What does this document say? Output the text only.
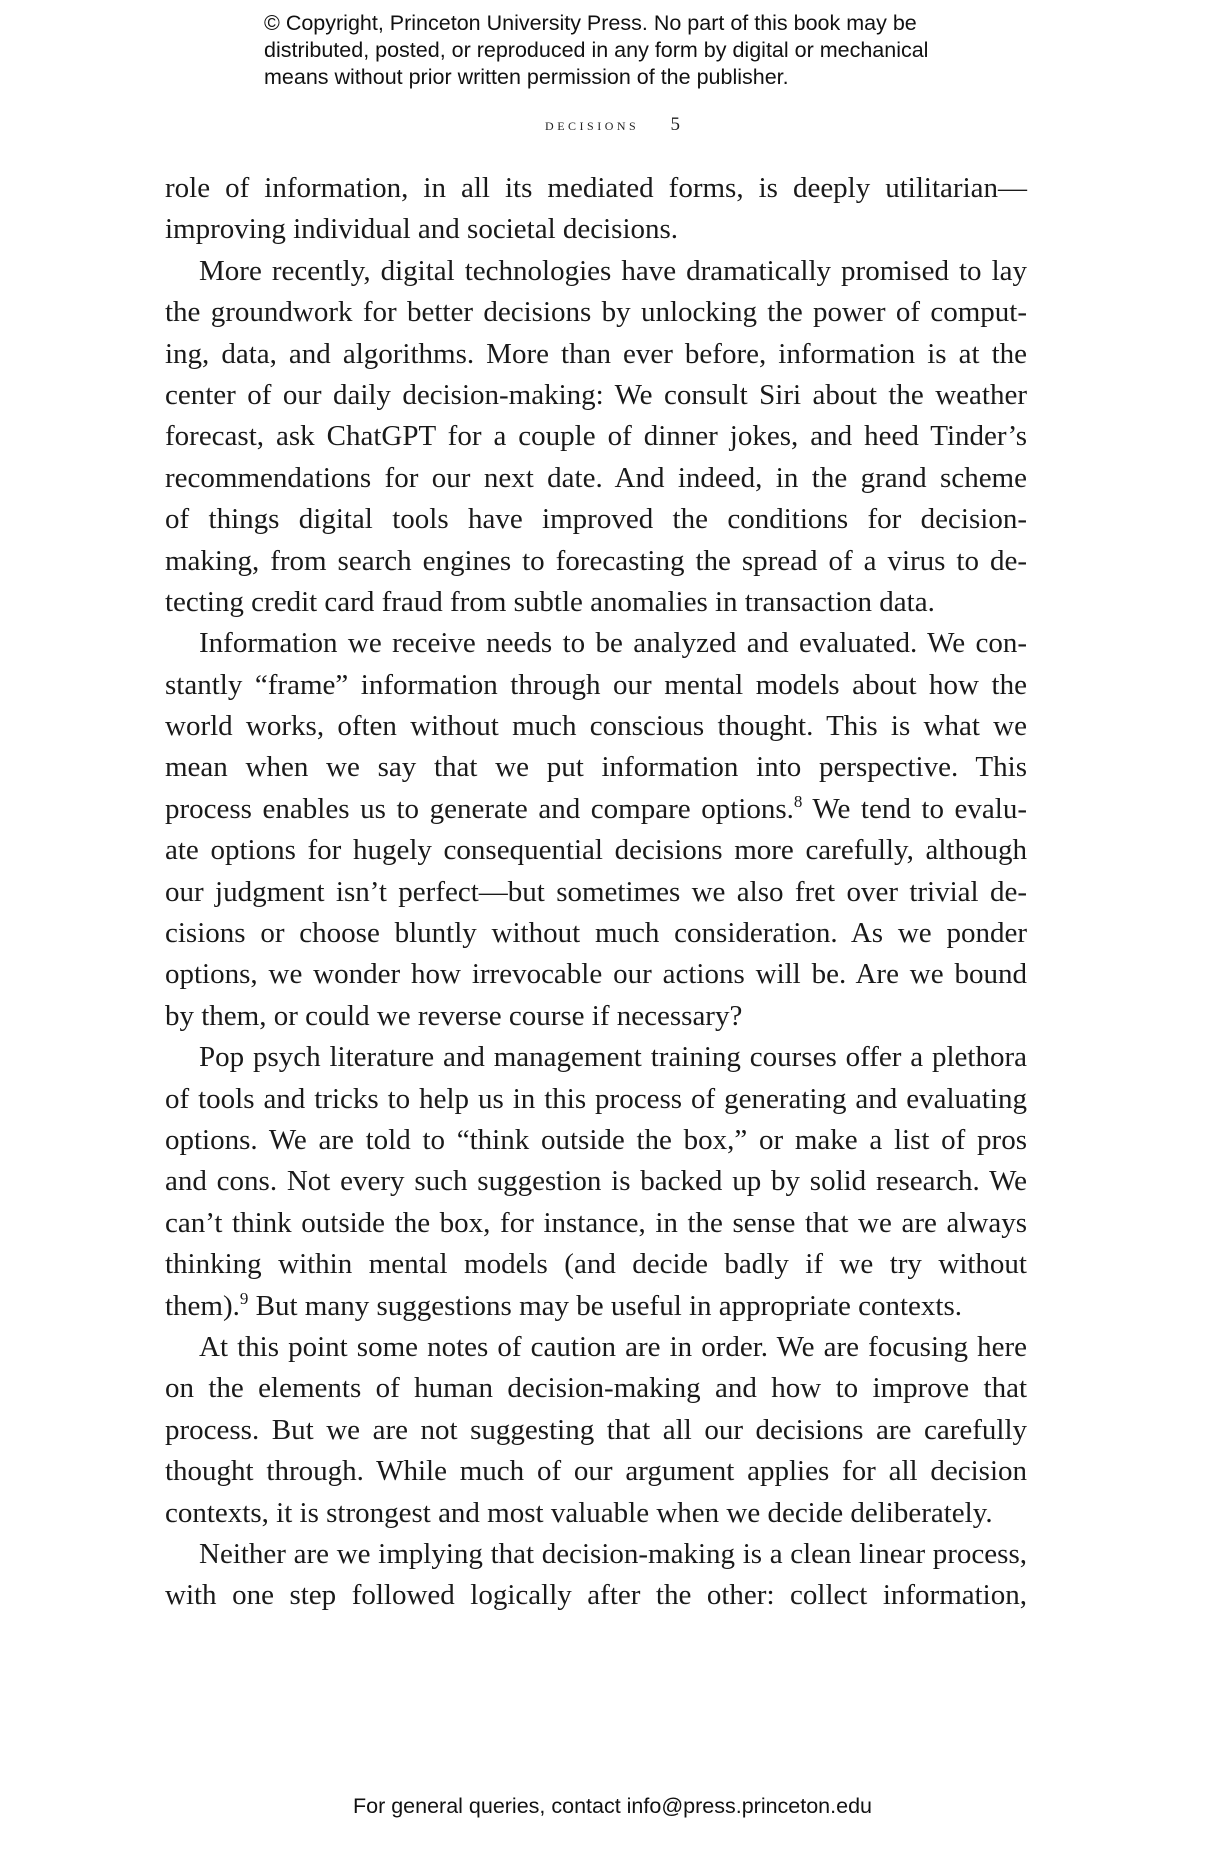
© Copyright, Princeton University Press. No part of this book may be
distributed, posted, or reproduced in any form by digital or mechanical
means without prior written permission of the publisher.
decisions 5
role of information, in all its mediated forms, is deeply utilitarian—
improving individual and societal decisions.
More recently, digital technologies have dramatically promised to lay
the groundwork for better decisions by unlocking the power of comput-
ing, data, and algorithms. More than ever before, information is at the
center of our daily decision-making: We consult Siri about the weather
forecast, ask ChatGPT for a couple of dinner jokes, and heed Tinder’s
recommendations for our next date. And indeed, in the grand scheme
of things digital tools have improved the conditions for decision-
making, from search engines to forecasting the spread of a virus to de-
tecting credit card fraud from subtle anomalies in transaction data.
Information we receive needs to be analyzed and evaluated. We con-
stantly “frame” information through our mental models about how the
world works, often without much conscious thought. This is what we
mean when we say that we put information into perspective. This
process enables us to generate and compare options.$^8$ We tend to evalu-
ate options for hugely consequential decisions more carefully, although
our judgment isn’t perfect—but sometimes we also fret over trivial de-
cisions or choose bluntly without much consideration. As we ponder
options, we wonder how irrevocable our actions will be. Are we bound
by them, or could we reverse course if necessary?
Pop psych literature and management training courses offer a plethora
of tools and tricks to help us in this process of generating and evaluating
options. We are told to “think outside the box,” or make a list of pros
and cons. Not every such suggestion is backed up by solid research. We
can’t think outside the box, for instance, in the sense that we are always
thinking within mental models (and decide badly if we try without
them).$^9$ But many suggestions may be useful in appropriate contexts.
At this point some notes of caution are in order. We are focusing here
on the elements of human decision-making and how to improve that
process. But we are not suggesting that all our decisions are carefully
thought through. While much of our argument applies for all decision
contexts, it is strongest and most valuable when we decide deliberately.
Neither are we implying that decision-making is a clean linear process,
with one step followed logically after the other: collect information,
For general queries, contact info@press.princeton.edu
